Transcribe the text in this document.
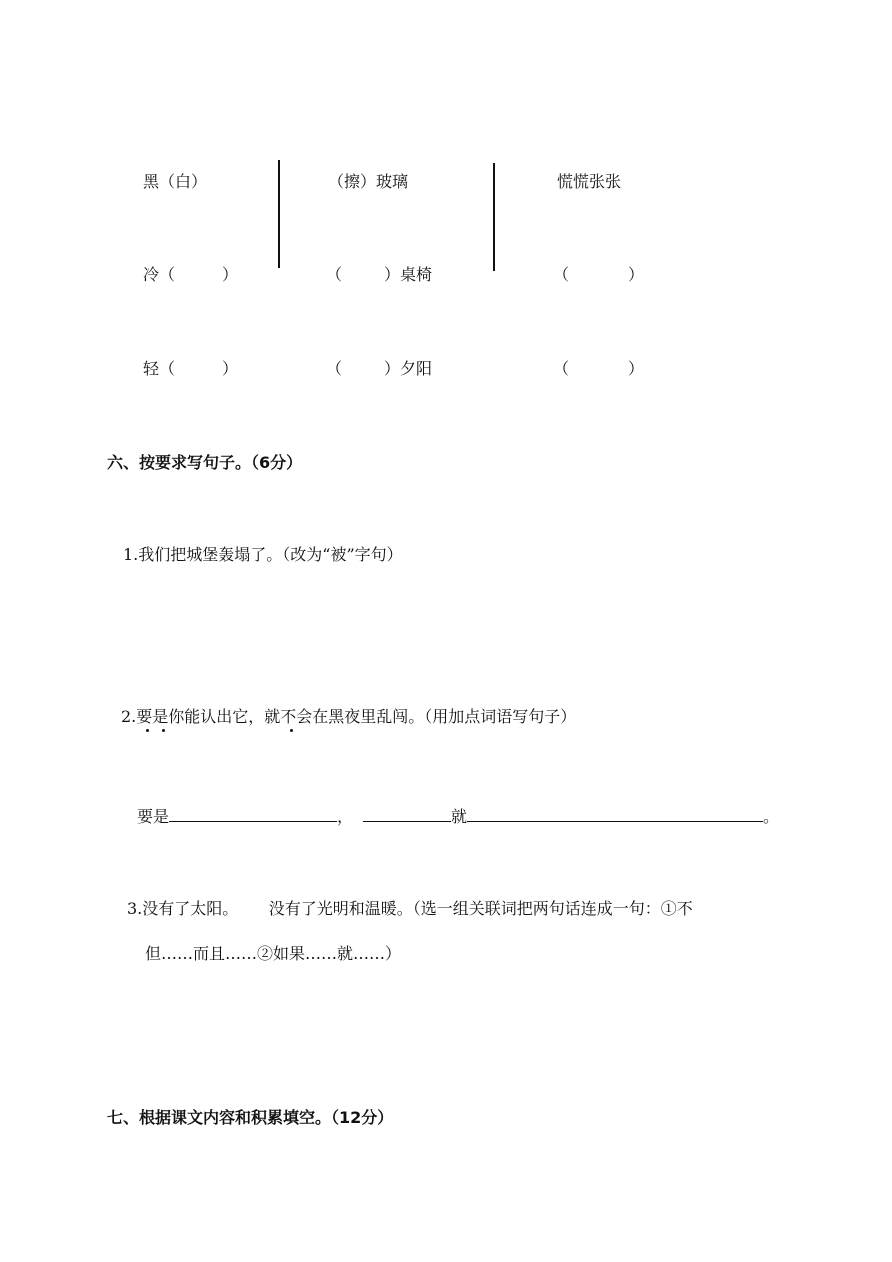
黑（白）	（擦）玻璃	慌慌张张
冷（	）	（	）桌椅	（	）
轻（	）	（	）夕阳	（	）
六、按要求写句子。（6分）
1.我们把城堡轰塌了。（改为“被”字句）
2.要是你能认出它，就不会在黑夜里乱闯。（用加点词语写句子）
要是	，	就	。
3.没有了太阳。      没有了光明和温暖。（选一组关联词把两句话连成一句：①不
但……而且……②如果……就……）
七、根据课文内容和积累填空。（12分）
